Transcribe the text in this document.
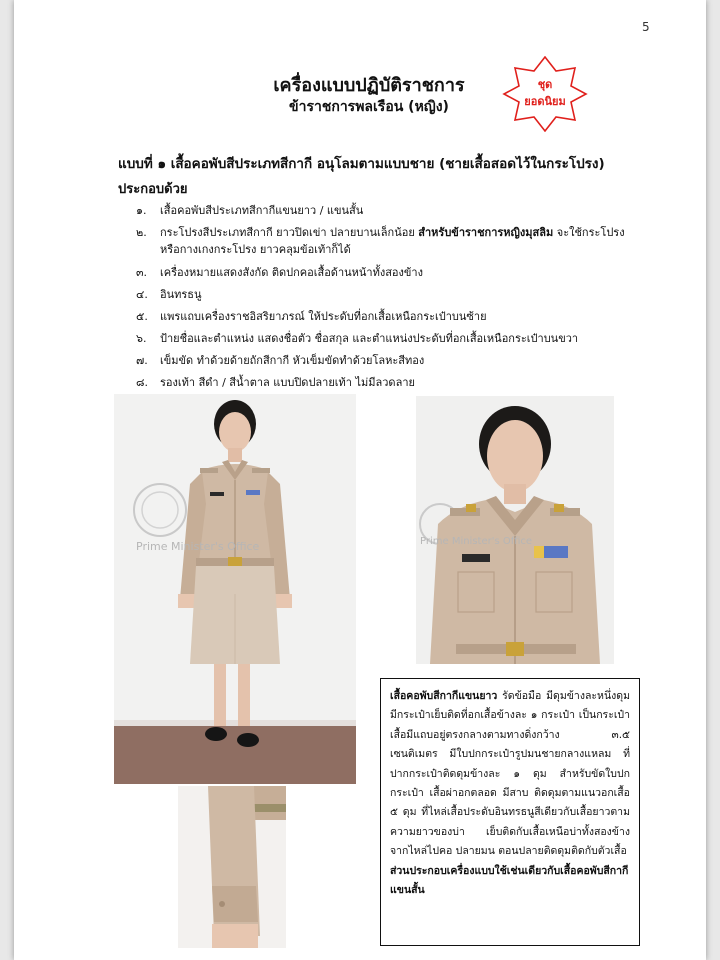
5
เครื่องแบบปฏิบัติราชการ
ข้าราชการพลเรือน (หญิง)
ชุด
ยอดนิยม
แบบที่ ๑ เสื้อคอพับสีประเภทสีกากี อนุโลมตามแบบชาย (ชายเสื้อสอดไว้ในกระโปรง)
ประกอบด้วย
๑. เสื้อคอพับสีประเภทสีกากีแขนยาว / แขนสั้น
๒. กระโปรงสีประเภทสีกากี ยาวปิดเข่า ปลายบานเล็กน้อย สำหรับข้าราชการหญิงมุสลิม จะใช้กระโปรง
หรือกางเกงกระโปรง ยาวคลุมข้อเท้าก็ได้
๓. เครื่องหมายแสดงสังกัด ติดปกคอเสื้อด้านหน้าทั้งสองข้าง
๔. อินทรธนู
๕. แพรแถบเครื่องราชอิสริยาภรณ์ ให้ประดับที่อกเสื้อเหนือกระเป๋าบนซ้าย
๖. ป้ายชื่อและตำแหน่ง แสดงชื่อตัว ชื่อสกุล และตำแหน่งประดับที่อกเสื้อเหนือกระเป๋าบนขวา
๗. เข็มขัด ทำด้วยด้ายถักสีกากี หัวเข็มขัดทำด้วยโลหะสีทอง
๘. รองเท้า สีดำ / สีน้ำตาล แบบปิดปลายเท้า ไม่มีลวดลาย
Prime Minister's Office	Prime Minister's Office
เสื้อคอพับสีกากีแขนยาว รัดข้อมือ มีดุมข้างละหนึ่งดุม มีกระเป๋าเย็บติดที่อกเสื้อข้างละ ๑ กระเป๋า เป็นกระเป๋าเสื้อมีแถบอยู่ตรงกลางตามทางดิ่งกว้าง ๓.๕ เซนติเมตร มีใบปกกระเป๋ารูปมนชายกลางแหลม ที่ปากกระเป๋าติดดุมข้างละ ๑ ดุม สำหรับขัดใบปกกระเป๋า เสื้อผ่าอกตลอด มีสาบ ติดดุมตามแนวอกเสื้อ ๕ ดุม ที่ไหล่เสื้อประดับอินทรธนูสีเดียวกับเสื้อยาวตามความยาวของบ่า เย็บติดกับเสื้อเหนือบ่าทั้งสองข้างจากไหล่ไปคอ ปลายมน ตอนปลายติดดุมติดกับตัวเสื้อ
ส่วนประกอบเครื่องแบบใช้เช่นเดียวกับเสื้อคอพับสีกากีแขนสั้น
